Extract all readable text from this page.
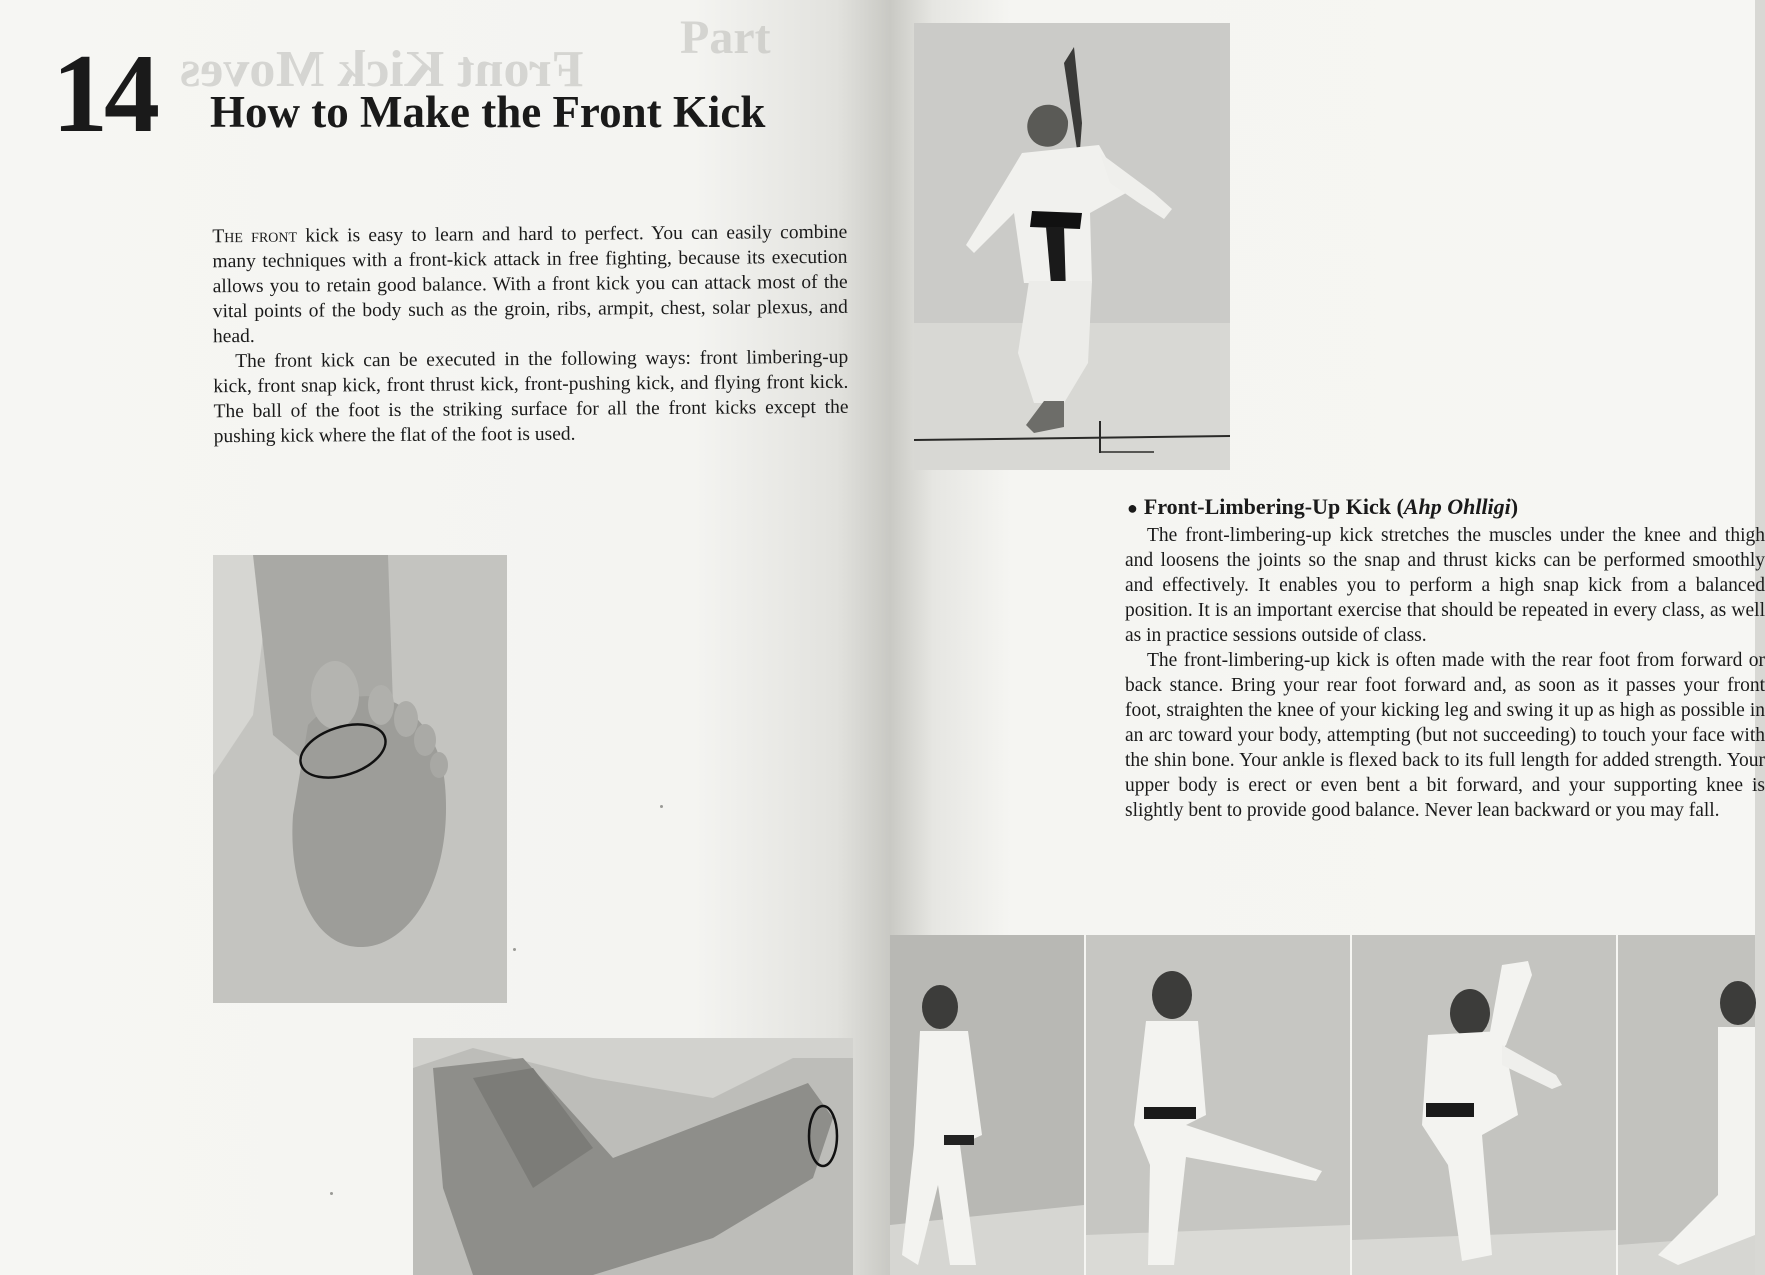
14 How to Make the Front Kick

The front kick is easy to learn and hard to perfect. You can easily combine many techniques with a front-kick attack in free fighting, because its execution allows you to retain good balance. With a front kick you can attack most of the vital points of the body such as the groin, ribs, armpit, chest, solar plexus, and head.

The front kick can be executed in the following ways: front limbering-up kick, front snap kick, front thrust kick, front-pushing kick, and flying front kick. The ball of the foot is the striking surface for all the front kicks except the pushing kick where the flat of the foot is used.

Part
Front Kick Moves
● Front-Limbering-Up Kick (Ahp Ohlligi)

The front-limbering-up kick stretches the muscles under the knee and thigh and loosens the joints so the snap and thrust kicks can be performed smoothly and effectively. It enables you to perform a high snap kick from a balanced position. It is an important exercise that should be repeated in every class, as well as in practice sessions outside of class.

The front-limbering-up kick is often made with the rear foot from forward or back stance. Bring your rear foot forward and, as soon as it passes your front foot, straighten the knee of your kicking leg and swing it up as high as possible in an arc toward your body, attempting (but not succeeding) to touch your face with the shin bone. Your ankle is flexed back to its full length for added strength. Your upper body is erect or even bent a bit forward, and your supporting knee is slightly bent to provide good balance. Never lean backward or you may fall.
